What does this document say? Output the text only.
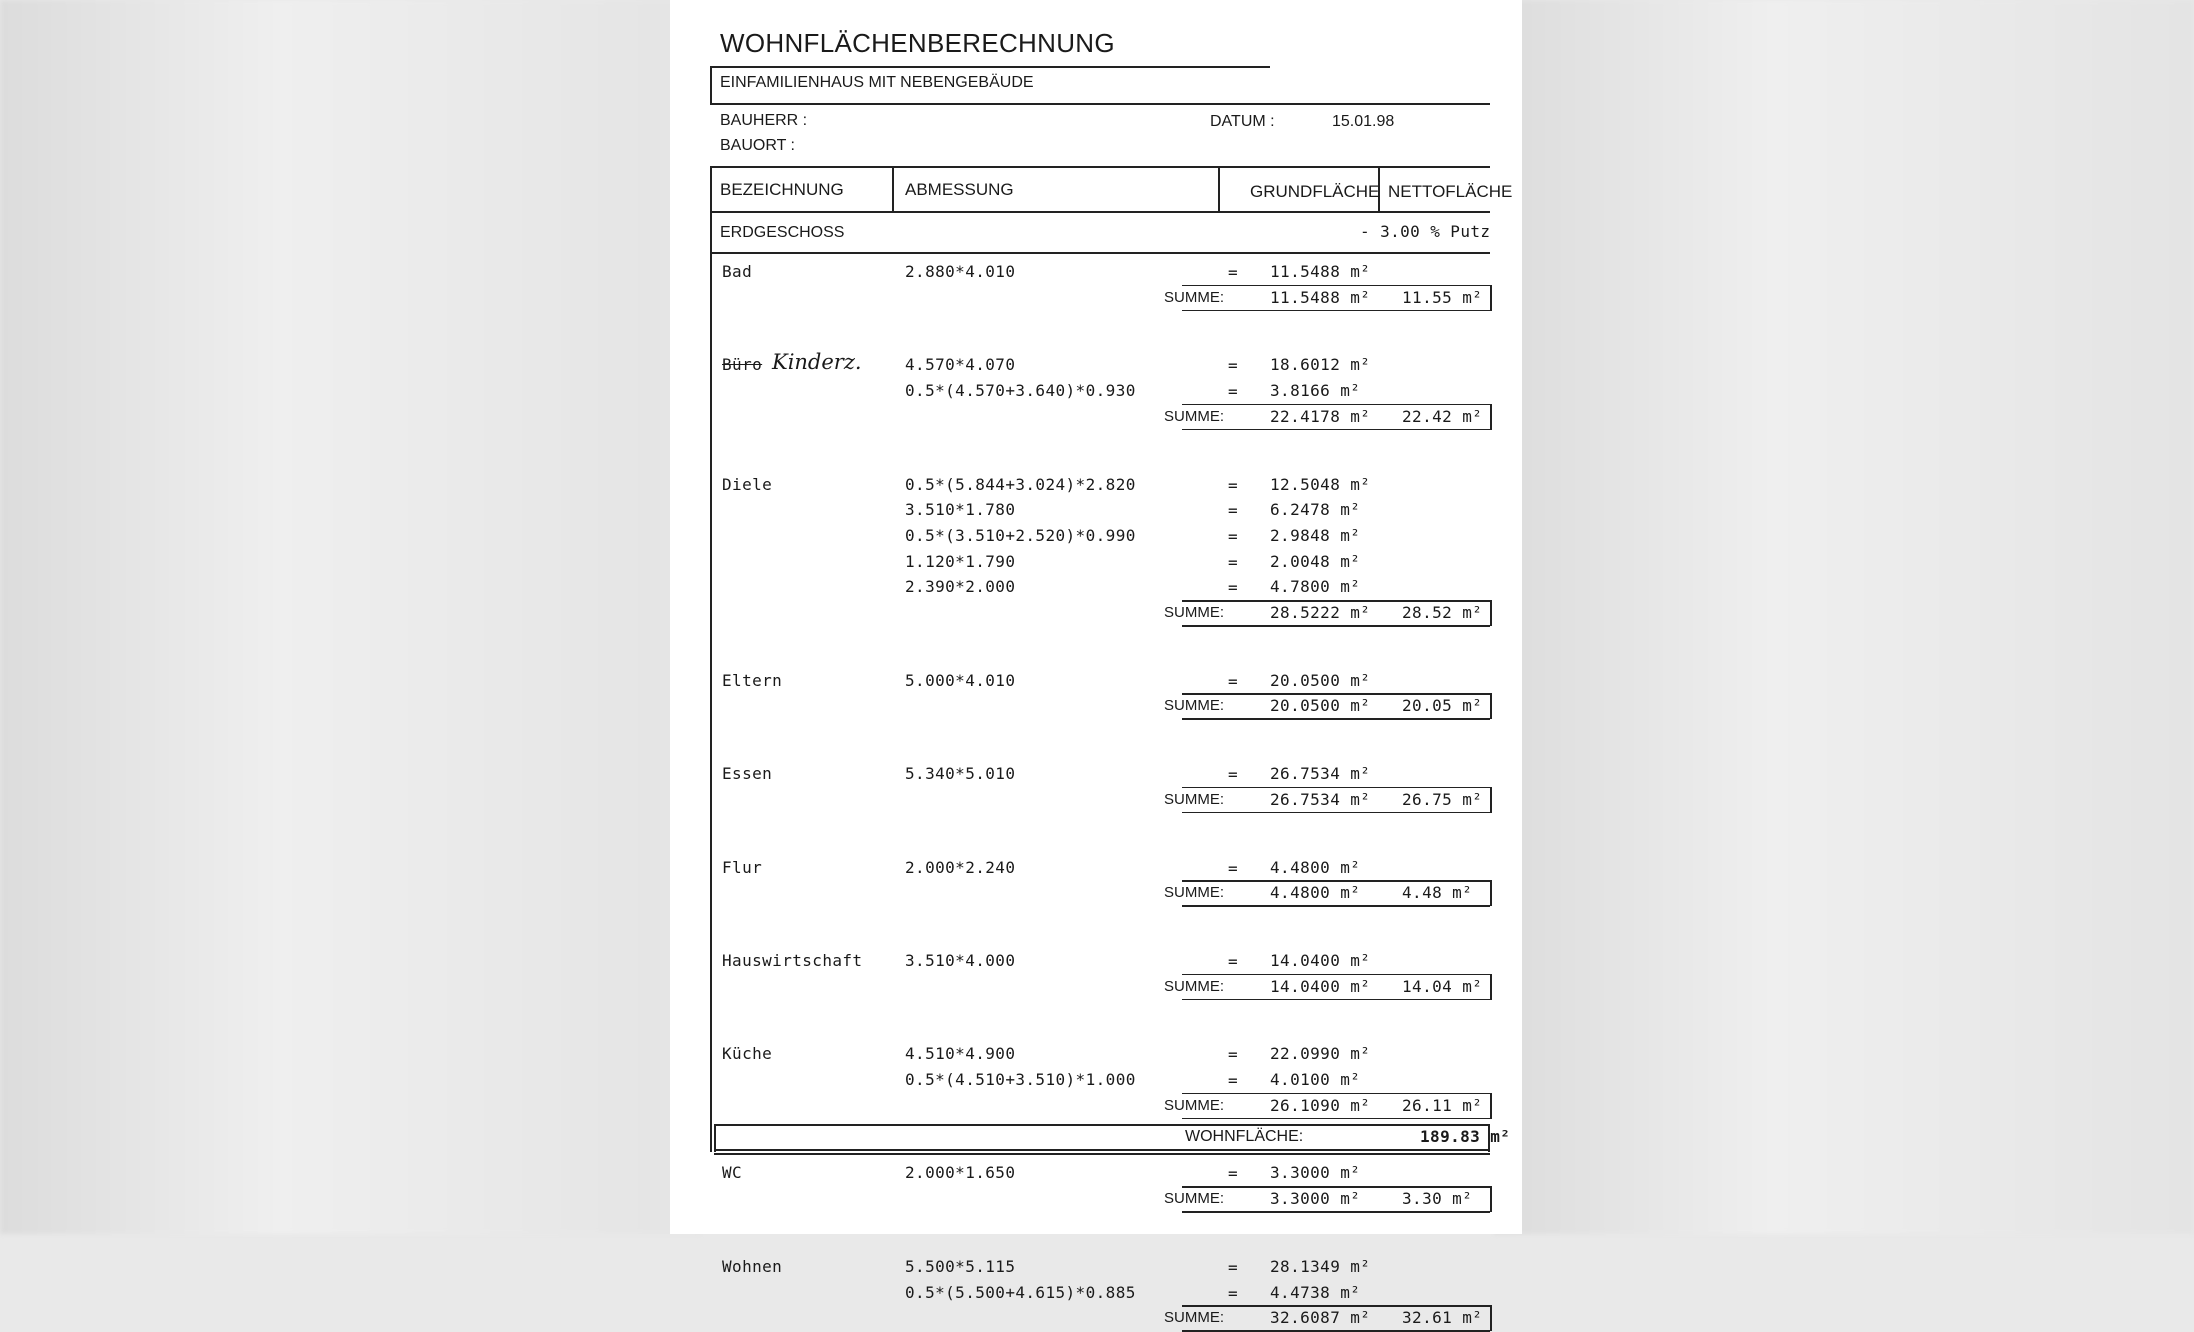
WOHNFLÄCHENBERECHNUNG
EINFAMILIENHAUS MIT NEBENGEBÄUDE
BAUHERR :
BAUORT :
DATUM :	15.01.98
BEZEICHNUNG	ABMESSUNG	GRUNDFLÄCHE NETTOFLÄCHE
ERDGESCHOSS	- 3.00 % Putz
Bad	2.880*4.010	= 11.5488 m²
SUMME:	11.5488 m² 11.55 m²
Büro Kinderz.	4.570*4.070	= 18.6012 m²
0.5*(4.570+3.640)*0.930	= 3.8166 m²
SUMME:	22.4178 m² 22.42 m²
Diele	0.5*(5.844+3.024)*2.820	= 12.5048 m²
3.510*1.780	= 6.2478 m²
0.5*(3.510+2.520)*0.990	= 2.9848 m²
1.120*1.790	= 2.0048 m²
2.390*2.000	= 4.7800 m²
SUMME:	28.5222 m² 28.52 m²
Eltern	5.000*4.010	= 20.0500 m²
SUMME:	20.0500 m² 20.05 m²
Essen	5.340*5.010	= 26.7534 m²
SUMME:	26.7534 m² 26.75 m²
Flur	2.000*2.240	= 4.4800 m²
SUMME:	4.4800 m²	4.48 m²
Hauswirtschaft	3.510*4.000	= 14.0400 m²
SUMME:	14.0400 m² 14.04 m²
Küche	4.510*4.900	= 22.0990 m²
0.5*(4.510+3.510)*1.000	= 4.0100 m²
SUMME:	26.1090 m² 26.11 m²
WC	2.000*1.650	= 3.3000 m²
SUMME:	3.3000 m²	3.30 m²
Wohnen	5.500*5.115	= 28.1349 m²
0.5*(5.500+4.615)*0.885	= 4.4738 m²
SUMME:	32.6087 m² 32.61 m²
WOHNFLÄCHE:	189.83 m²
